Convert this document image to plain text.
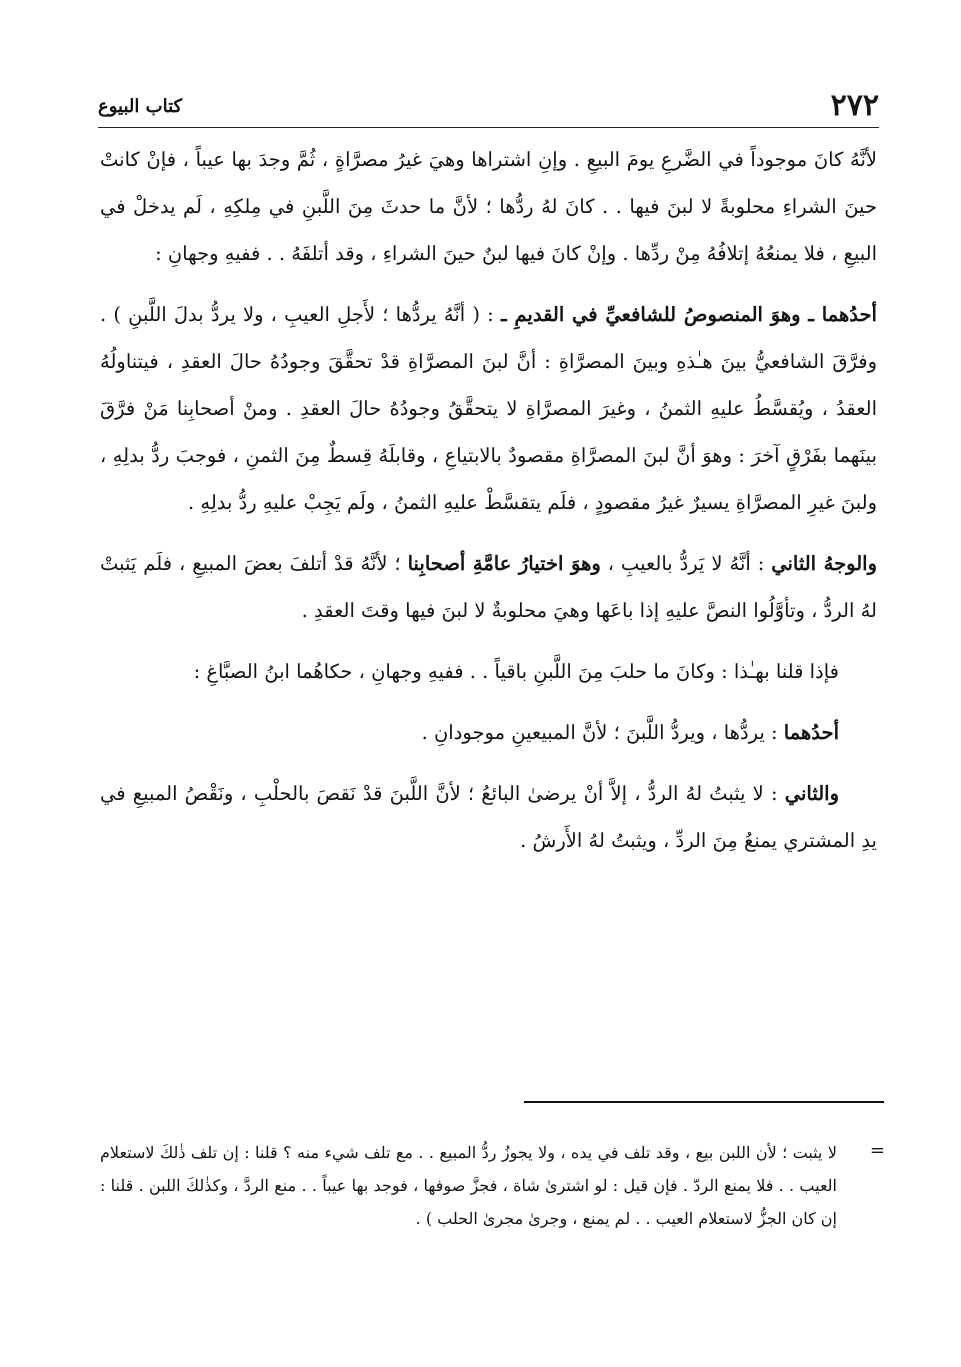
٢٧٢
كتاب البيوع

لأنَّهُ كانَ موجوداً في الضَّرعِ يومَ البيعِ . وإنِ اشتراها وهيَ غيرُ مصرَّاةٍ ، ثُمَّ وجدَ بها عيباً ، فإنْ كانتْ حينَ الشراءِ محلوبةً لا لبنَ فيها . . كانَ لهُ ردُّها ؛ لأنَّ ما حدثَ مِنَ اللَّبنِ في مِلكِهِ ، لَم يدخلْ في البيعِ ، فلا يمنعُهُ إتلافُهُ مِنْ ردِّها . وإنْ كانَ فيها لبنٌ حينَ الشراءِ ، وقد أتلفَهُ . . ففيهِ وجهانِ :

أحدُهما ـ وهوَ المنصوصُ للشافعيِّ في القديمِ ـ : ( أنَّهُ يردُّها ؛ لأَجلِ العيبِ ، ولا يردُّ بدلَ اللَّبنِ ) . وفرَّقَ الشافعيُّ بينَ هـٰذهِ وبينَ المصرَّاةِ : أنَّ لبنَ المصرَّاةِ قدْ تحقَّقَ وجودُهُ حالَ العقدِ ، فيتناولُهُ العقدُ ، ويُقسَّطُ عليهِ الثمنُ ، وغيرَ المصرَّاةِ لا يتحقَّقُ وجودُهُ حالَ العقدِ . ومنْ أصحابِنا مَنْ فرَّقَ بينَهما بفَرْقٍ آخرَ : وهوَ أنَّ لبنَ المصرَّاةِ مقصودٌ بالابتياعِ ، وقابلَهُ قِسطٌ مِنَ الثمنِ ، فوجبَ ردُّ بدلِهِ ، ولبنَ غيرِ المصرَّاةِ يسيرٌ غيرُ مقصودٍ ، فلَم يتقسَّطْ عليهِ الثمنُ ، ولَم يَجِبْ عليهِ ردُّ بدلِهِ .

والوجهُ الثاني : أنَّهُ لا يَردُّ بالعيبِ ، وهوَ اختيارُ عامَّةِ أصحابِنا ؛ لأنَّهُ قدْ أتلفَ بعضَ المبيعِ ، فلَم يَثبتْ لهُ الردُّ ، وتأوَّلُوا النصَّ عليهِ إذا باعَها وهيَ محلوبةٌ لا لبنَ فيها وقتَ العقدِ .

فإذا قلنا بهـٰذا : وكانَ ما حلبَ مِنَ اللَّبنِ باقياً . . ففيهِ وجهانِ ، حكاهُما ابنُ الصبَّاغِ :

أحدُهما : يردُّها ، ويردُّ اللَّبنَ ؛ لأنَّ المبيعينِ موجودانِ .

والثاني : لا يثبتُ لهُ الردُّ ، إلاَّ أنْ يرضىٰ البائعُ ؛ لأنَّ اللَّبنَ قدْ نَقصَ بالحلْبِ ، ونَقْصُ المبيعِ في يدِ المشتري يمنعُ مِنَ الردِّ ، ويثبتُ لهُ الأَرشُ .

=
لا يثبت ؛ لأن اللبن بيع ، وقد تلف في يده ، ولا يجوزُ ردُّ المبيع . . مع تلف شيء منه ؟ قلنا : إن تلف ذٰلكَ لاستعلام العيب . . فلا يمنع الردّ . فإن قيل : لو اشترىٰ شاة ، فجزَّ صوفها ، فوجد بها عيباً . . منع الردَّ ، وكذٰلكَ اللبن . قلنا : إن كان الجزُّ لاستعلام العيب . . لم يمنع ، وجرىٰ مجرىٰ الحلب ) .
